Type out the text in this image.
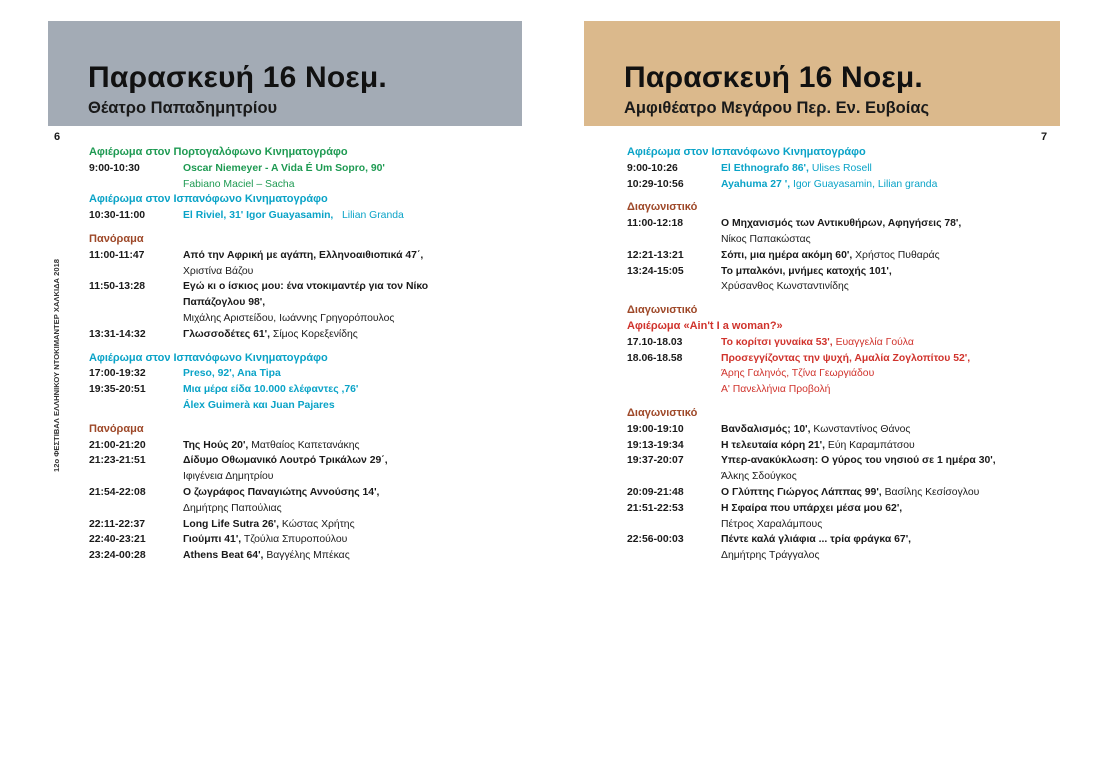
Παρασκευή 16 Νοεμ.
Θέατρο Παπαδημητρίου
6
12ο ΦΕΣΤΙΒΑΛ ΕΛΛΗΝΙΚΟΥ ΝΤΟΚΙΜΑΝΤΕΡ ΧΑΛΚΙΔΑ 2018
Αφιέρωμα στον Πορτογαλόφωνο Κινηματογράφο
9:00-10:30	Oscar Niemeyer - A Vida É Um Sopro, 90'
Fabiano Maciel – Sacha
Αφιέρωμα στον Ισπανόφωνο Κινηματογράφο
10:30-11:00	El Riviel, 31' Igor Guayasamin, Lilian Granda
Πανόραμα
11:00-11:47	Από την Αφρική με αγάπη, Ελληνοαιθιοπικά 47΄,
Χριστίνα Βάζου
11:50-13:28	Εγώ κι ο ίσκιος μου: ένα ντοκιμαντέρ για τον Νίκο
Παπάζογλου 98',
Μιχάλης Αριστείδου, Ιωάννης Γρηγορόπουλος
13:31-14:32	Γλωσσοδέτες 61', Σίμος Κορεξενίδης
Αφιέρωμα στον Ισπανόφωνο Κινηματογράφο
17:00-19:32	Preso, 92', Ana Tipa
19:35-20:51	Μια μέρα είδα 10.000 ελέφαντες ,76'
Álex Guimerà και Juan Pajares
Πανόραμα
21:00-21:20	Της Ηούς 20', Ματθαίος Καπετανάκης
21:23-21:51	Δίδυμο Οθωμανικό Λουτρό Τρικάλων 29΄,
Ιφιγένεια Δημητρίου
21:54-22:08	Ο ζωγράφος Παναγιώτης Αννούσης 14',
Δημήτρης Παπούλιας
22:11-22:37	Long Life Sutra 26', Κώστας Χρήτης
22:40-23:21	Γιούμπι 41', Τζούλια Σπυροπούλου
23:24-00:28	Athens Beat 64', Βαγγέλης Μπέκας
Παρασκευή 16 Νοεμ.
Αμφιθέατρο Μεγάρου Περ. Εν. Ευβοίας
7
Αφιέρωμα στον Ισπανόφωνο Κινηματογράφο
9:00-10:26	El Ethnografo 86', Ulises Rosell
10:29-10:56	Ayahuma 27 ', Igor Guayasamin, Lilian granda
Διαγωνιστικό
11:00-12:18	Ο Μηχανισμός των Αντικυθήρων, Αφηγήσεις 78',
Νίκος Παπακώστας
12:21-13:21	Σόπι, μια ημέρα ακόμη 60', Χρήστος Πυθαράς
13:24-15:05	Το μπαλκόνι, μνήμες κατοχής 101',
Χρύσανθος Κωνσταντινίδης
Διαγωνιστικό
Αφιέρωμα «Ain't I a woman?»
17.10-18.03	Το κορίτσι γυναίκα 53', Ευαγγελία Γούλα
18.06-18.58	Προσεγγίζοντας την ψυχή, Αμαλία Ζογλοπίτου 52',
Άρης Γαληνός, Τζίνα Γεωργιάδου
Α' Πανελλήνια Προβολή
Διαγωνιστικό
19:00-19:10	Βανδαλισμός; 10', Κωνσταντίνος Θάνος
19:13-19:34	Η τελευταία κόρη 21', Εύη Καραμπάτσου
19:37-20:07	Υπερ-ανακύκλωση: Ο γύρος του νησιού σε 1 ημέρα 30',
Άλκης Σδούγκος
20:09-21:48	Ο Γλύπτης Γιώργος Λάππας 99', Βασίλης Κεσίσογλου
21:51-22:53	Η Σφαίρα που υπάρχει μέσα μου 62',
Πέτρος Χαραλάμπους
22:56-00:03	Πέντε καλά γλιάφια ... τρία φράγκα 67',
Δημήτρης Τράγγαλος
